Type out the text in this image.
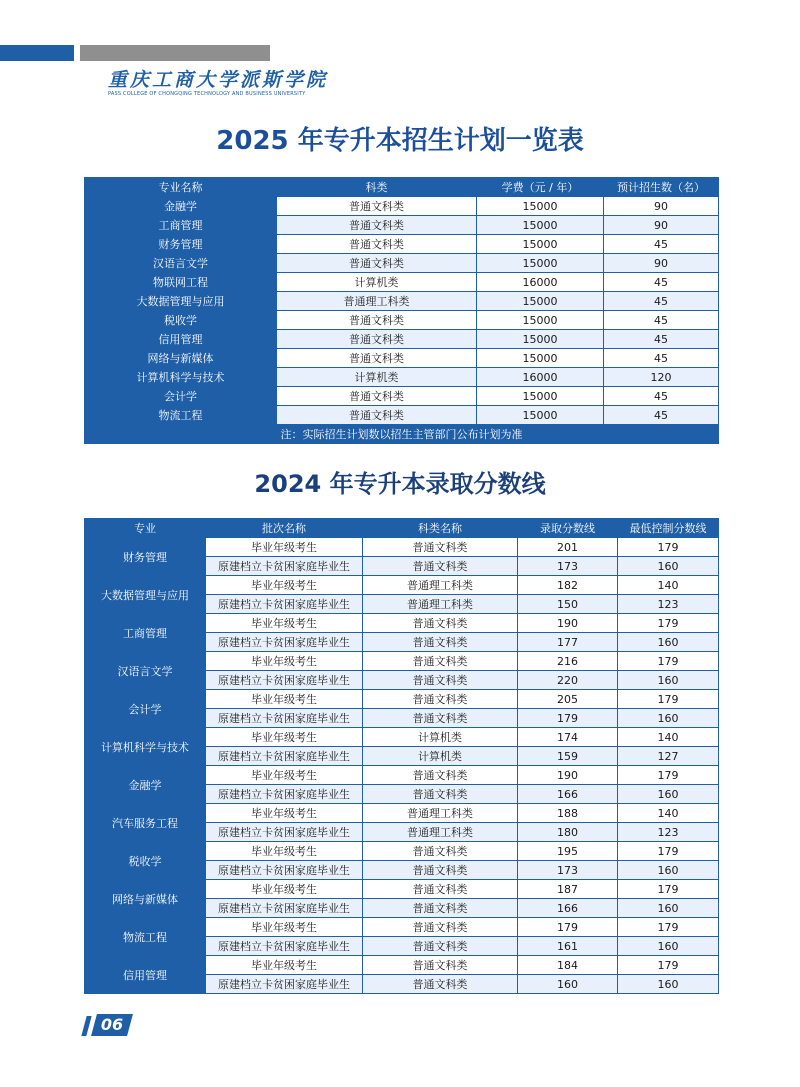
重庆工商大学派斯学院
PASS COLLEGE OF CHONGQING TECHNOLOGY AND BUSINESS UNIVERSITY
2025 年专升本招生计划一览表
专业名称	科类	学费（元 / 年）	预计招生数（名）
金融学	普通文科类	15000	90
工商管理	普通文科类	15000	90
财务管理	普通文科类	15000	45
汉语言文学	普通文科类	15000	90
物联网工程	计算机类	16000	45
大数据管理与应用	普通理工科类	15000	45
税收学	普通文科类	15000	45
信用管理	普通文科类	15000	45
网络与新媒体	普通文科类	15000	45
计算机科学与技术	计算机类	16000	120
会计学	普通文科类	15000	45
物流工程	普通文科类	15000	45
注：实际招生计划数以招生主管部门公布计划为准			
2024 年专升本录取分数线
专业	批次名称	科类名称	录取分数线	最低控制分数线
财务管理	毕业年级考生	普通文科类	201	179
	原建档立卡贫困家庭毕业生	普通文科类	173	160
大数据管理与应用	毕业年级考生	普通理工科类	182	140
	原建档立卡贫困家庭毕业生	普通理工科类	150	123
工商管理	毕业年级考生	普通文科类	190	179
	原建档立卡贫困家庭毕业生	普通文科类	177	160
汉语言文学	毕业年级考生	普通文科类	216	179
	原建档立卡贫困家庭毕业生	普通文科类	220	160
会计学	毕业年级考生	普通文科类	205	179
	原建档立卡贫困家庭毕业生	普通文科类	179	160
计算机科学与技术	毕业年级考生	计算机类	174	140
	原建档立卡贫困家庭毕业生	计算机类	159	127
金融学	毕业年级考生	普通文科类	190	179
	原建档立卡贫困家庭毕业生	普通文科类	166	160
汽车服务工程	毕业年级考生	普通理工科类	188	140
	原建档立卡贫困家庭毕业生	普通理工科类	180	123
税收学	毕业年级考生	普通文科类	195	179
	原建档立卡贫困家庭毕业生	普通文科类	173	160
网络与新媒体	毕业年级考生	普通文科类	187	179
	原建档立卡贫困家庭毕业生	普通文科类	166	160
物流工程	毕业年级考生	普通文科类	179	179
	原建档立卡贫困家庭毕业生	普通文科类	161	160
信用管理	毕业年级考生	普通文科类	184	179
	原建档立卡贫困家庭毕业生	普通文科类	160	160
06
